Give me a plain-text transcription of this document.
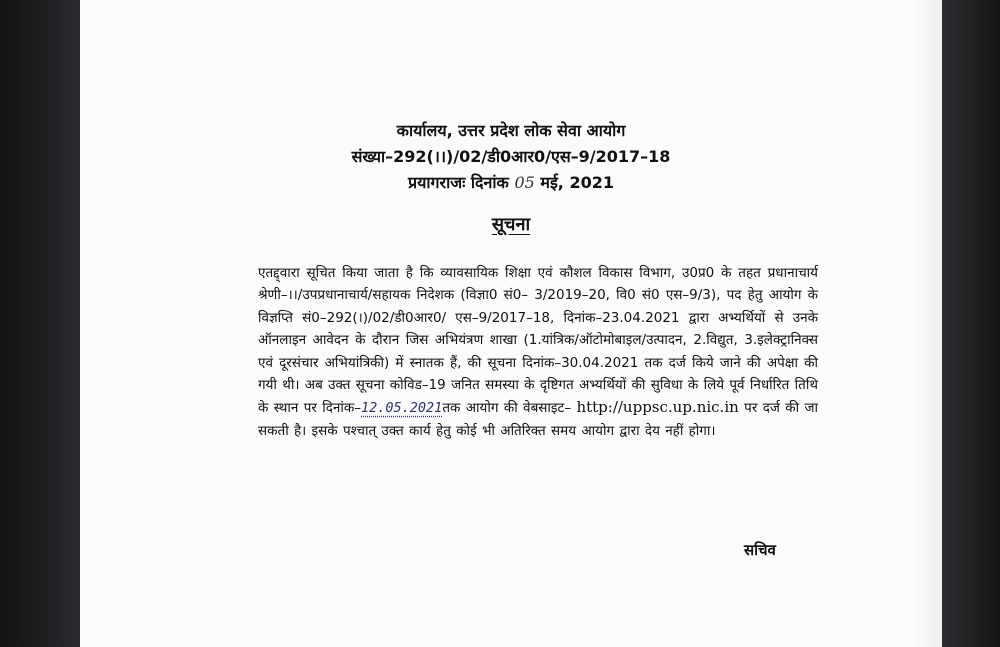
कार्यालय, उत्तर प्रदेश लोक सेवा आयोग
संख्या–292(।।)/02/डी0आर0/एस–9/2017–18
प्रयागराजः दिनांक 05 मई, 2021
सूचना
एतद्द्वारा सूचित किया जाता है कि व्यावसायिक शिक्षा एवं कौशल विकास विभाग, उ0प्र0 के तहत प्रधानाचार्य श्रेणी–।।/उपप्रधानाचार्य/सहायक निदेशक (विज्ञा0 सं0– 3/2019–20, वि0 सं0 एस–9/3), पद हेतु आयोग के विज्ञप्ति सं0–292(।)/02/डी0आर0/ एस–9/2017–18, दिनांक–23.04.2021 द्वारा अभ्यर्थियों से उनके ऑनलाइन आवेदन के दौरान जिस अभियंत्रण शाखा (1.यांत्रिक/ऑटोमोबाइल/उत्पादन, 2.विद्युत, 3.इलेक्ट्रानिक्स एवं दूरसंचार अभियांत्रिकी) में स्नातक हैं, की सूचना दिनांक–30.04.2021 तक दर्ज किये जाने की अपेक्षा की गयी थी। अब उक्त सूचना कोविड–19 जनित समस्या के दृष्टिगत अभ्यर्थियों की सुविधा के लिये पूर्व निर्धारित तिथि के स्थान पर दिनांक–12.05.2021तक आयोग की वेबसाइट– http://uppsc.up.nic.in पर दर्ज की जा सकती है। इसके पश्चात् उक्त कार्य हेतु कोई भी अतिरिक्त समय आयोग द्वारा देय नहीं होगा।
सचिव
